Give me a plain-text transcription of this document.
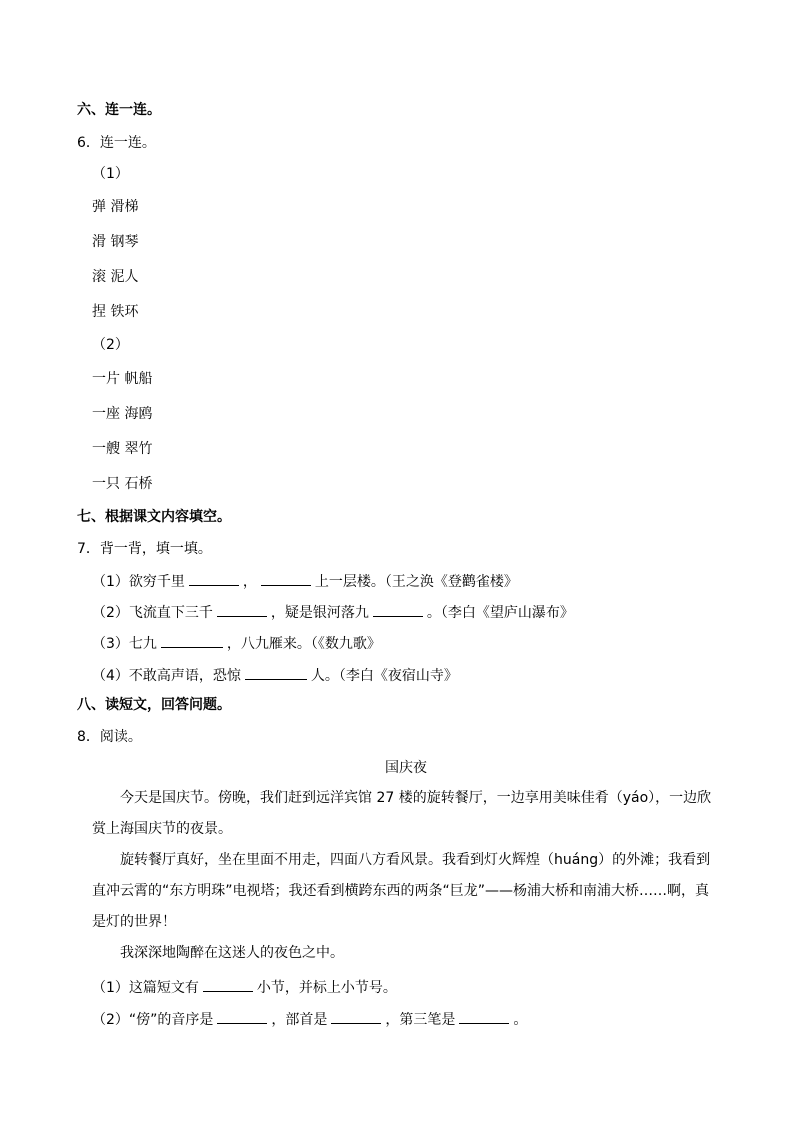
六、连一连。
6．连一连。
（1）
弹 滑梯
滑 钢琴
滚 泥人
捏 铁环
（2）
一片 帆船
一座 海鸥
一艘 翠竹
一只 石桥
七、根据课文内容填空。
7．背一背，填一填。
（1）欲穷千里	，	上一层楼。（王之涣《登鹳雀楼》
（2）飞流直下三千	，疑是银河落九	。（李白《望庐山瀑布》
（3）七九	，八九雁来。（《数九歌》
（4）不敢高声语，恐惊	人。（李白《夜宿山寺》
八、读短文，回答问题。
8．阅读。
国庆夜
今天是国庆节。傍晚，我们赶到远洋宾馆 27 楼的旋转餐厅，一边享用美味佳肴（yáo），一边欣赏上海国庆节的夜景。
旋转餐厅真好，坐在里面不用走，四面八方看风景。我看到灯火辉煌（huáng）的外滩；我看到直冲云霄的“东方明珠”电视塔；我还看到横跨东西的两条“巨龙”——杨浦大桥和南浦大桥……啊，真是灯的世界！
我深深地陶醉在这迷人的夜色之中。
（1）这篇短文有	小节，并标上小节号。
（2）“傍”的音序是	，部首是	，第三笔是	。
